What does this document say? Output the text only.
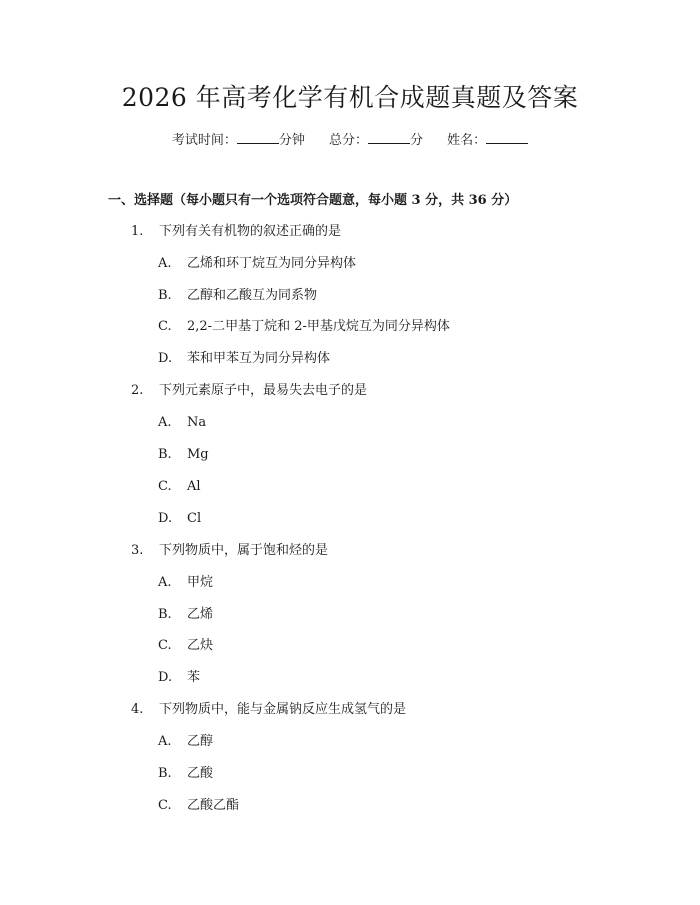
2026 年高考化学有机合成题真题及答案
考试时间：	分钟 总分：	分 姓名：
一、选择题（每小题只有一个选项符合题意，每小题 3 分，共 36 分）
1. 下列有关有机物的叙述正确的是
A. 乙烯和环丁烷互为同分异构体
B. 乙醇和乙酸互为同系物
C. 2,2-二甲基丁烷和 2-甲基戊烷互为同分异构体
D. 苯和甲苯互为同分异构体
2. 下列元素原子中，最易失去电子的是
A. Na
B. Mg
C. Al
D. Cl
3. 下列物质中，属于饱和烃的是
A. 甲烷
B. 乙烯
C. 乙炔
D. 苯
4. 下列物质中，能与金属钠反应生成氢气的是
A. 乙醇
B. 乙酸
C. 乙酸乙酯
